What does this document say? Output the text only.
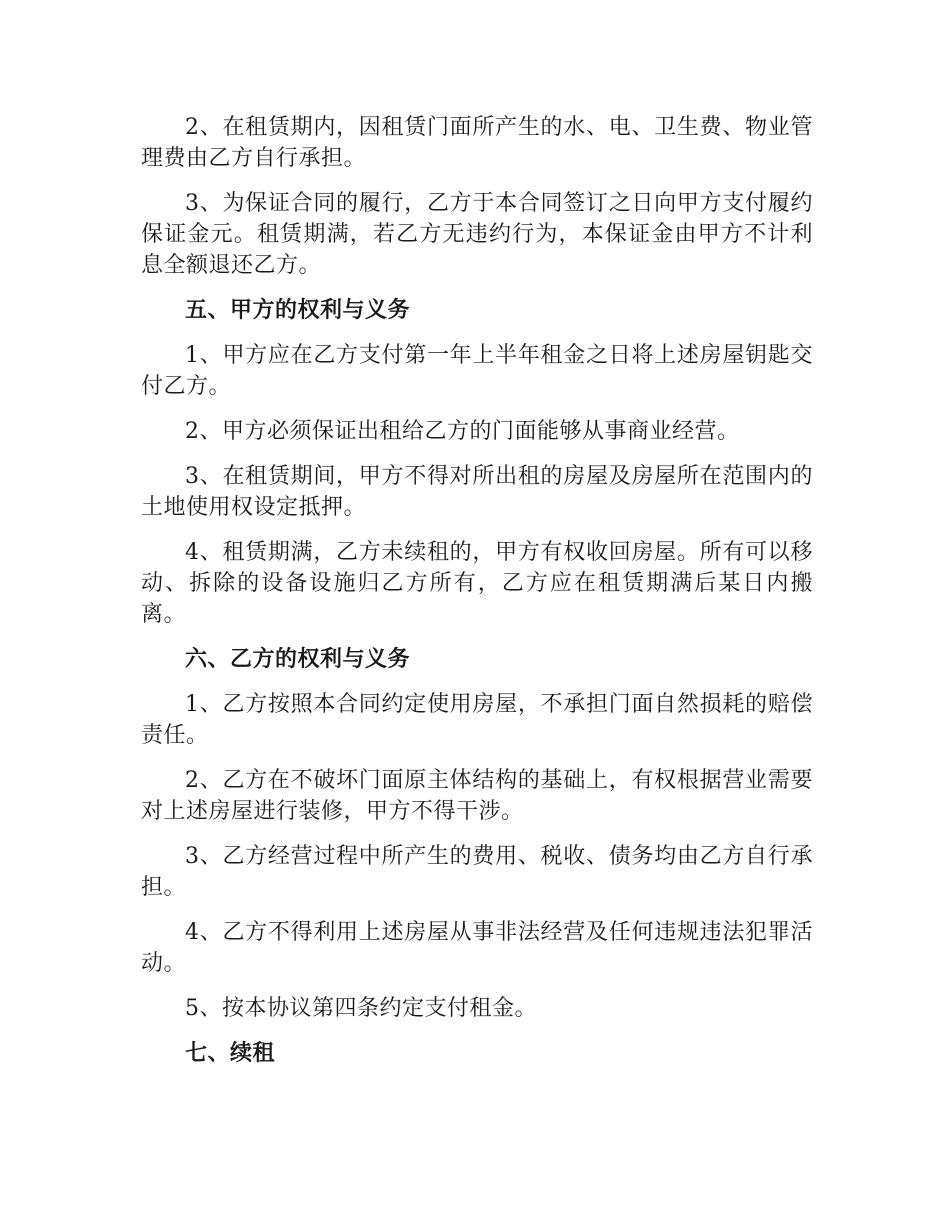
2、在租赁期内，因租赁门面所产生的水、电、卫生费、物业管理费由乙方自行承担。

3、为保证合同的履行，乙方于本合同签订之日向甲方支付履约保证金元。租赁期满，若乙方无违约行为，本保证金由甲方不计利息全额退还乙方。

五、甲方的权利与义务

1、甲方应在乙方支付第一年上半年租金之日将上述房屋钥匙交付乙方。

2、甲方必须保证出租给乙方的门面能够从事商业经营。

3、在租赁期间，甲方不得对所出租的房屋及房屋所在范围内的土地使用权设定抵押。

4、租赁期满，乙方未续租的，甲方有权收回房屋。所有可以移动、拆除的设备设施归乙方所有，乙方应在租赁期满后某日内搬离。

六、乙方的权利与义务

1、乙方按照本合同约定使用房屋，不承担门面自然损耗的赔偿责任。

2、乙方在不破坏门面原主体结构的基础上，有权根据营业需要对上述房屋进行装修，甲方不得干涉。

3、乙方经营过程中所产生的费用、税收、债务均由乙方自行承担。

4、乙方不得利用上述房屋从事非法经营及任何违规违法犯罪活动。

5、按本协议第四条约定支付租金。

七、续租
